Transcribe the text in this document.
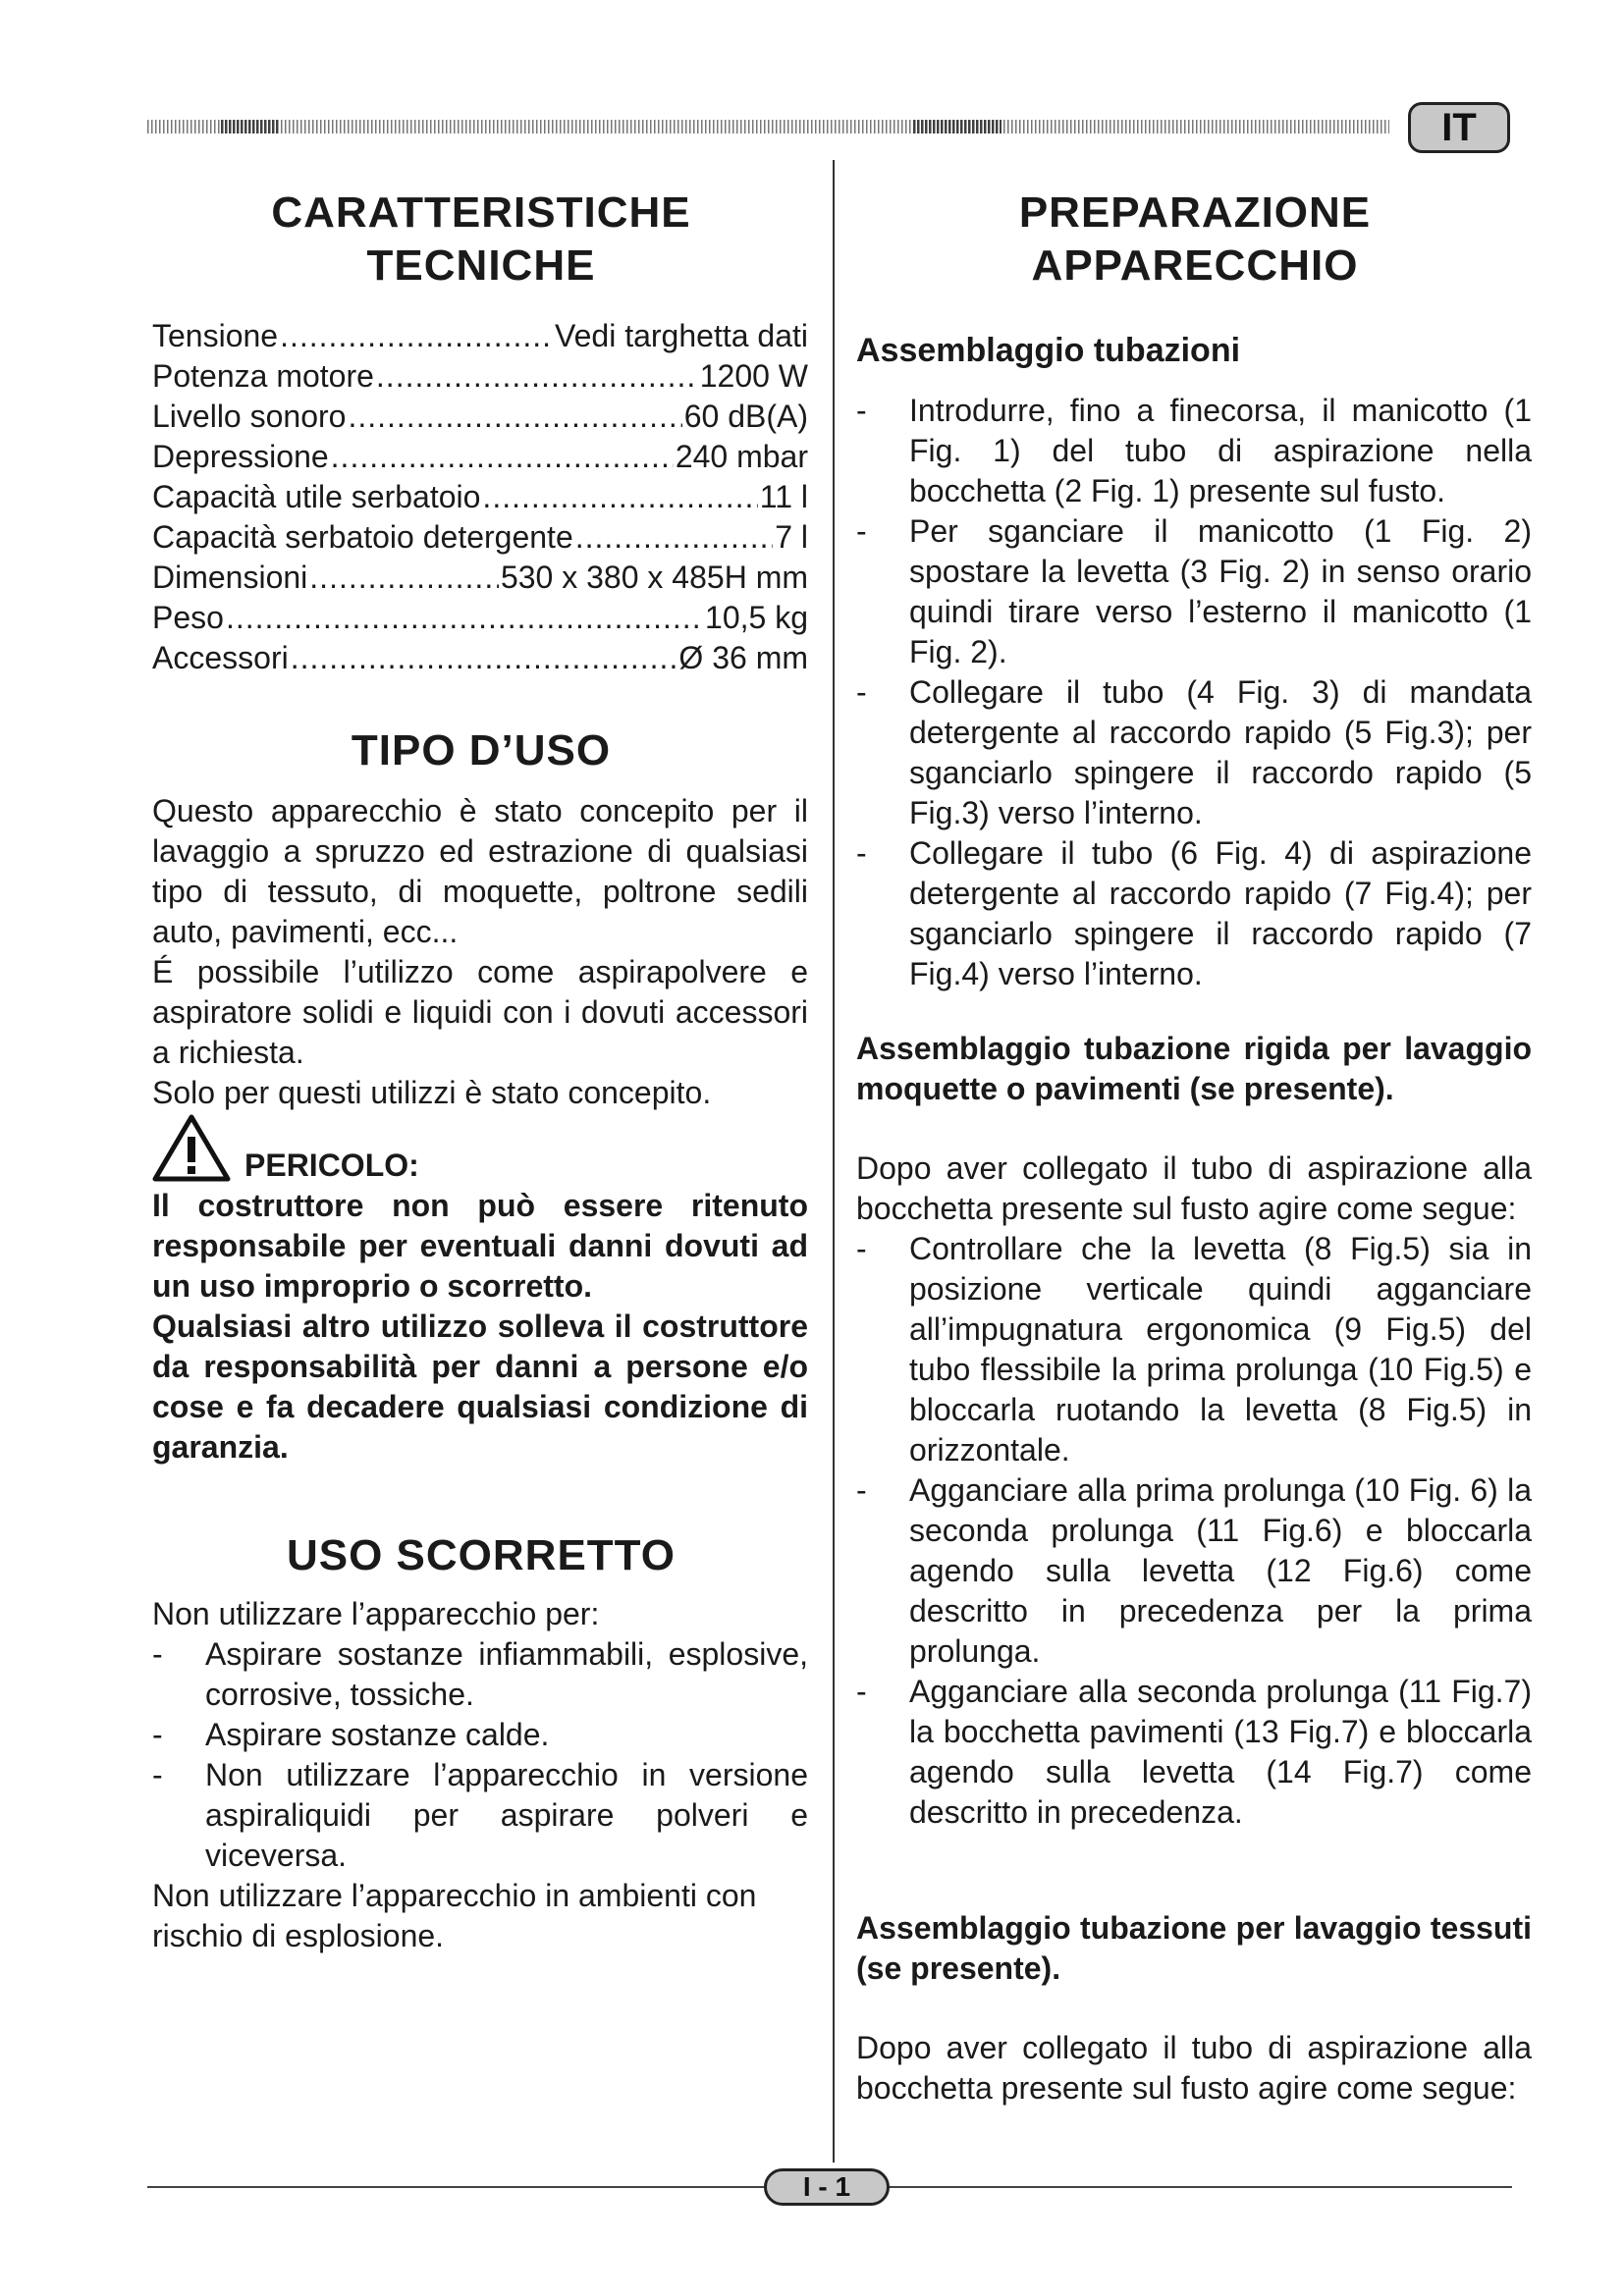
IT
CARATTERISTICHE
TECNICHE
Tensione .....	Vedi targhetta dati
Potenza motore .....	1200 W
Livello sonoro .....	60 dB(A)
Depressione .....	240 mbar
Capacità utile serbatoio .....	11 l
Capacità serbatoio detergente .....	7 l
Dimensioni .....	530 x 380 x 485H mm
Peso .....	10,5 kg
Accessori .....	Ø 36 mm
TIPO D’USO

Questo apparecchio è stato concepito per il lavaggio a spruzzo ed estrazione di qualsiasi tipo di tessuto, di moquette, poltrone sedili auto, pavimenti, ecc...

É possibile l’utilizzo come aspirapolvere e aspiratore solidi e liquidi con i dovuti accessori a richiesta.

Solo per questi utilizzi è stato concepito.

PERICOLO:

Il costruttore non può essere ritenuto responsabile per eventuali danni dovuti ad un uso improprio o scorretto.

Qualsiasi altro utilizzo solleva il costruttore da responsabilità per danni a persone e/o cose e fa decadere qualsiasi condizione di garanzia.

USO SCORRETTO

Non utilizzare l’apparecchio per:

- Aspirare sostanze infiammabili, esplosive, corrosive, tossiche.
- Aspirare sostanze calde.
- Non utilizzare l’apparecchio in versione aspiraliquidi per aspirare polveri e viceversa.

Non utilizzare l’apparecchio in ambienti con rischio di esplosione.

PREPARAZIONE
APPARECCHIO
Assemblaggio tubazioni
- Introdurre, fino a finecorsa, il manicotto (1 Fig. 1) del tubo di aspirazione nella bocchetta (2 Fig. 1) presente sul fusto.
- Per sganciare il manicotto (1 Fig. 2) spostare la levetta (3 Fig. 2) in senso orario quindi tirare verso l’esterno il manicotto (1 Fig. 2).
- Collegare il tubo (4 Fig. 3) di mandata detergente al raccordo rapido (5 Fig.3); per sganciarlo spingere il raccordo rapido (5 Fig.3) verso l’interno.
- Collegare il tubo (6 Fig. 4) di aspirazione detergente al raccordo rapido (7 Fig.4); per sganciarlo spingere il raccordo rapido (7 Fig.4) verso l’interno.

Assemblaggio tubazione rigida per lavaggio moquette o pavimenti (se presente).

Dopo aver collegato il tubo di aspirazione alla bocchetta presente sul fusto agire come segue:

- Controllare che la levetta (8 Fig.5) sia in posizione verticale quindi agganciare all’impugnatura ergonomica (9 Fig.5) del tubo flessibile la prima prolunga (10 Fig.5) e bloccarla ruotando la levetta (8 Fig.5) in orizzontale.
- Agganciare alla prima prolunga (10 Fig. 6) la seconda prolunga (11 Fig.6) e bloccarla agendo sulla levetta (12 Fig.6) come descritto in precedenza per la prima prolunga.
- Agganciare alla seconda prolunga (11 Fig.7) la bocchetta pavimenti (13 Fig.7) e bloccarla agendo sulla levetta (14 Fig.7) come descritto in precedenza.

Assemblaggio tubazione per lavaggio tessuti (se presente).

Dopo aver collegato il tubo di aspirazione alla bocchetta presente sul fusto agire come segue:

I - 1
